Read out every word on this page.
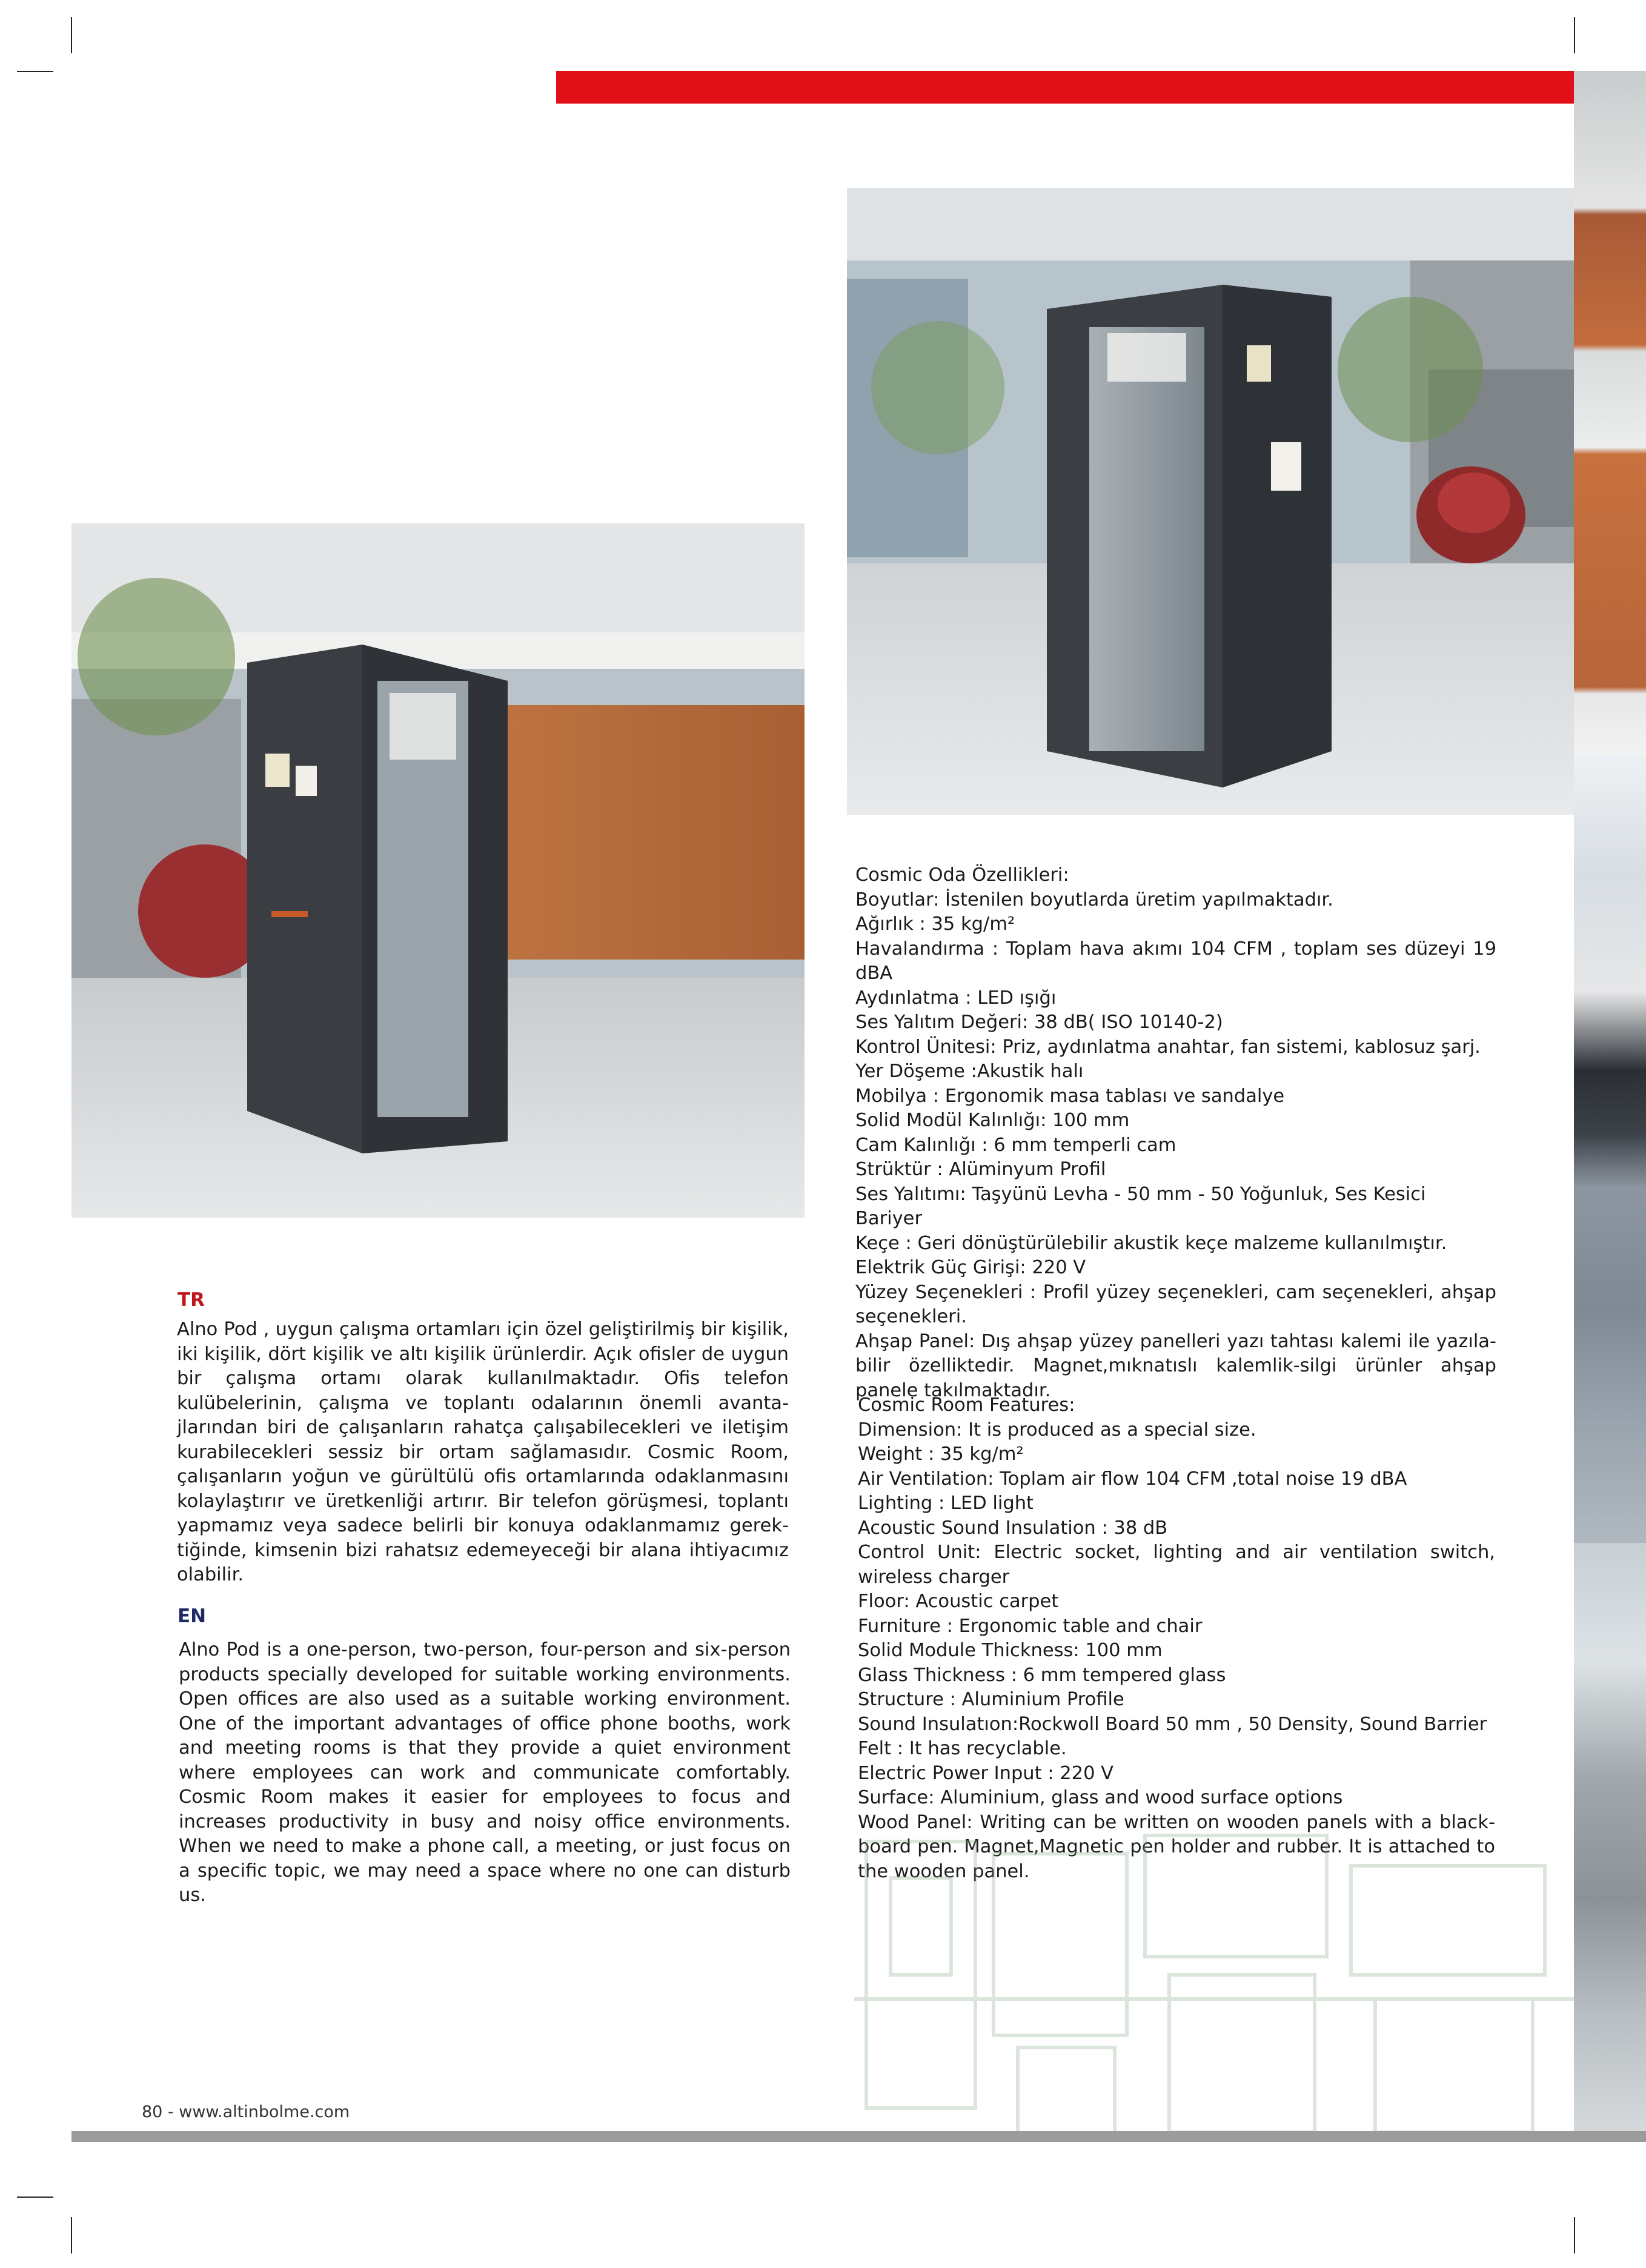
TR
Alno Pod , uygun çalışma ortamları için özel geliştirilmiş bir kişilik, iki kişilik, dört kişilik ve altı kişilik ürünlerdir. Açık ofisler de uygun bir çalışma ortamı olarak kullanılmaktadır. Ofis telefon kulübelerinin, çalışma ve toplantı odalarının önemli avanta-jlarından biri de çalışanların rahatça çalışabilecekleri ve iletişim kurabilecekleri sessiz bir ortam sağlamasıdır. Cosmic Room, çalışanların yoğun ve gürültülü ofis ortamlarında odaklanmasını kolaylaştırır ve üretkenliği artırır. Bir telefon görüşmesi, toplantı yapmamız veya sadece belirli bir konuya odaklanmamız gerek-tiğinde, kimsenin bizi rahatsız edemeyeceği bir alana ihtiyacımız olabilir.
EN
Alno Pod is a one-person, two-person, four-person and six-person products specially developed for suitable working environments. Open offices are also used as a suitable working environment. One of the important advantages of office phone booths, work and meeting rooms is that they provide a quiet environment where employees can work and communicate comfortably. Cosmic Room makes it easier for employees to focus and increases productivity in busy and noisy office environments. When we need to make a phone call, a meeting, or just focus on a specific topic, we may need a space where no one can disturb us.
Cosmic Oda Özellikleri:
Boyutlar: İstenilen boyutlarda üretim yapılmaktadır.
Ağırlık : 35 kg/m²
Havalandırma : Toplam hava akımı 104 CFM , toplam ses düzeyi 19 dBA
Aydınlatma : LED ışığı
Ses Yalıtım Değeri: 38 dB( ISO 10140-2)
Kontrol Ünitesi: Priz, aydınlatma anahtar, fan sistemi, kablosuz şarj.
Yer Döşeme :Akustik halı
Mobilya : Ergonomik masa tablası ve sandalye
Solid Modül Kalınlığı: 100 mm
Cam Kalınlığı : 6 mm temperli cam
Strüktür : Alüminyum Profil
Ses Yalıtımı: Taşyünü Levha - 50 mm - 50 Yoğunluk, Ses Kesici Bariyer
Keçe : Geri dönüştürülebilir akustik keçe malzeme kullanılmıştır.
Elektrik Güç Girişi: 220 V
Yüzey Seçenekleri : Profil yüzey seçenekleri, cam seçenekleri, ahşap seçenekleri.
Ahşap Panel: Dış ahşap yüzey panelleri yazı tahtası kalemi ile yazıla-bilir özelliktedir. Magnet,mıknatıslı kalemlik-silgi ürünler ahşap panele takılmaktadır.
Cosmic Room Features:
Dimension: It is produced as a special size.
Weight : 35 kg/m²
Air Ventilation: Toplam air flow 104 CFM ,total noise 19 dBA
Lighting : LED light
Acoustic Sound Insulation : 38 dB
Control Unit: Electric socket, lighting and air ventilation switch, wireless charger
Floor: Acoustic carpet
Furniture : Ergonomic table and chair
Solid Module Thickness: 100 mm
Glass Thickness : 6 mm tempered glass
Structure : Aluminium Profile
Sound Insulatıon:Rockwoll Board 50 mm , 50 Density, Sound Barrier
Felt : It has recyclable.
Electric Power Input : 220 V
Surface: Aluminium, glass and wood surface options
Wood Panel: Writing can be written on wooden panels with a black-board pen. Magnet,Magnetic pen holder and rubber. It is attached to the wooden panel.
80 - www.altinbolme.com
